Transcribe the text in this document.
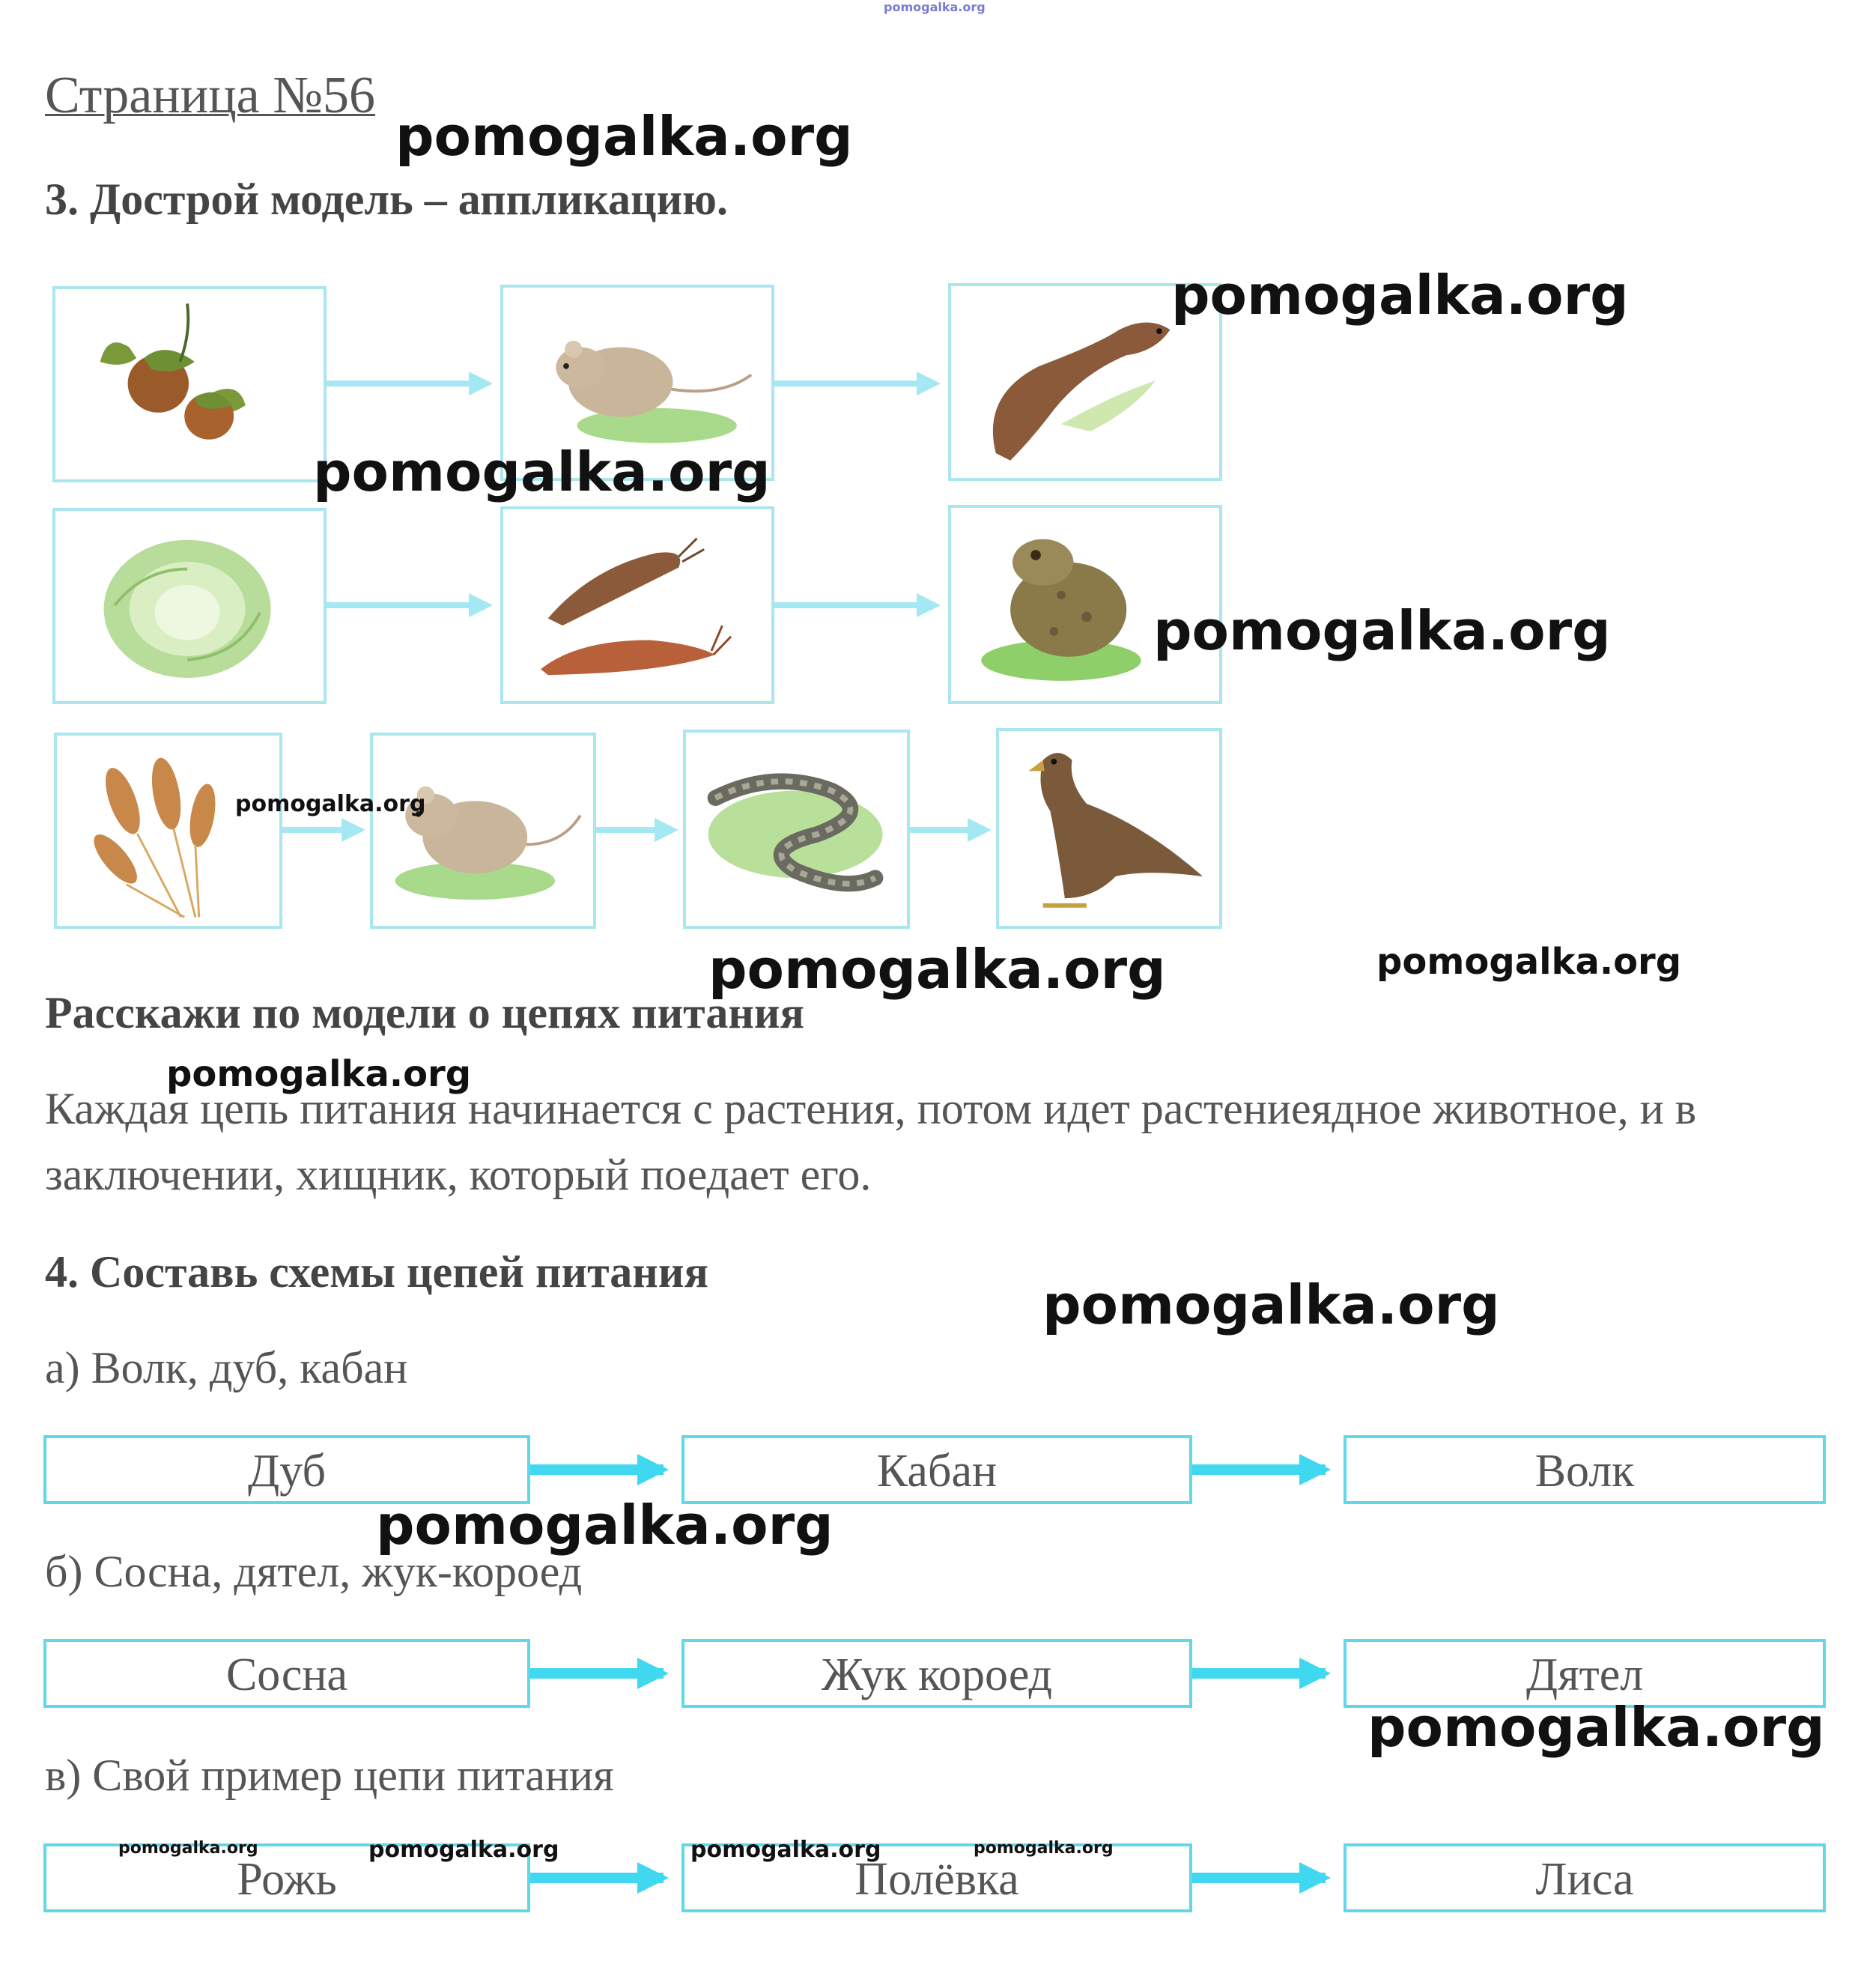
pomogalka.org
Страница №56
3. Дострой модель – аппликацию.
Расскажи по модели о цепях питания
Каждая цепь питания начинается с растения, потом идет растениеядное животное, и в заключении, хищник, который поедает его.
4. Составь схемы цепей питания
а) Волк, дуб, кабан
Дуб	Кабан	Волк
б) Сосна, дятел, жук-короед
Сосна	Жук короед	Дятел
в) Свой пример цепи питания
Рожь	Полёвка	Лиса
pomogalka.org
pomogalka.org
pomogalka.org
pomogalka.org
pomogalka.org
pomogalka.org	pomogalka.org
pomogalka.org
pomogalka.org
pomogalka.org
pomogalka.org
pomogalka.org	pomogalka.org	pomogalka.org	pomogalka.org
